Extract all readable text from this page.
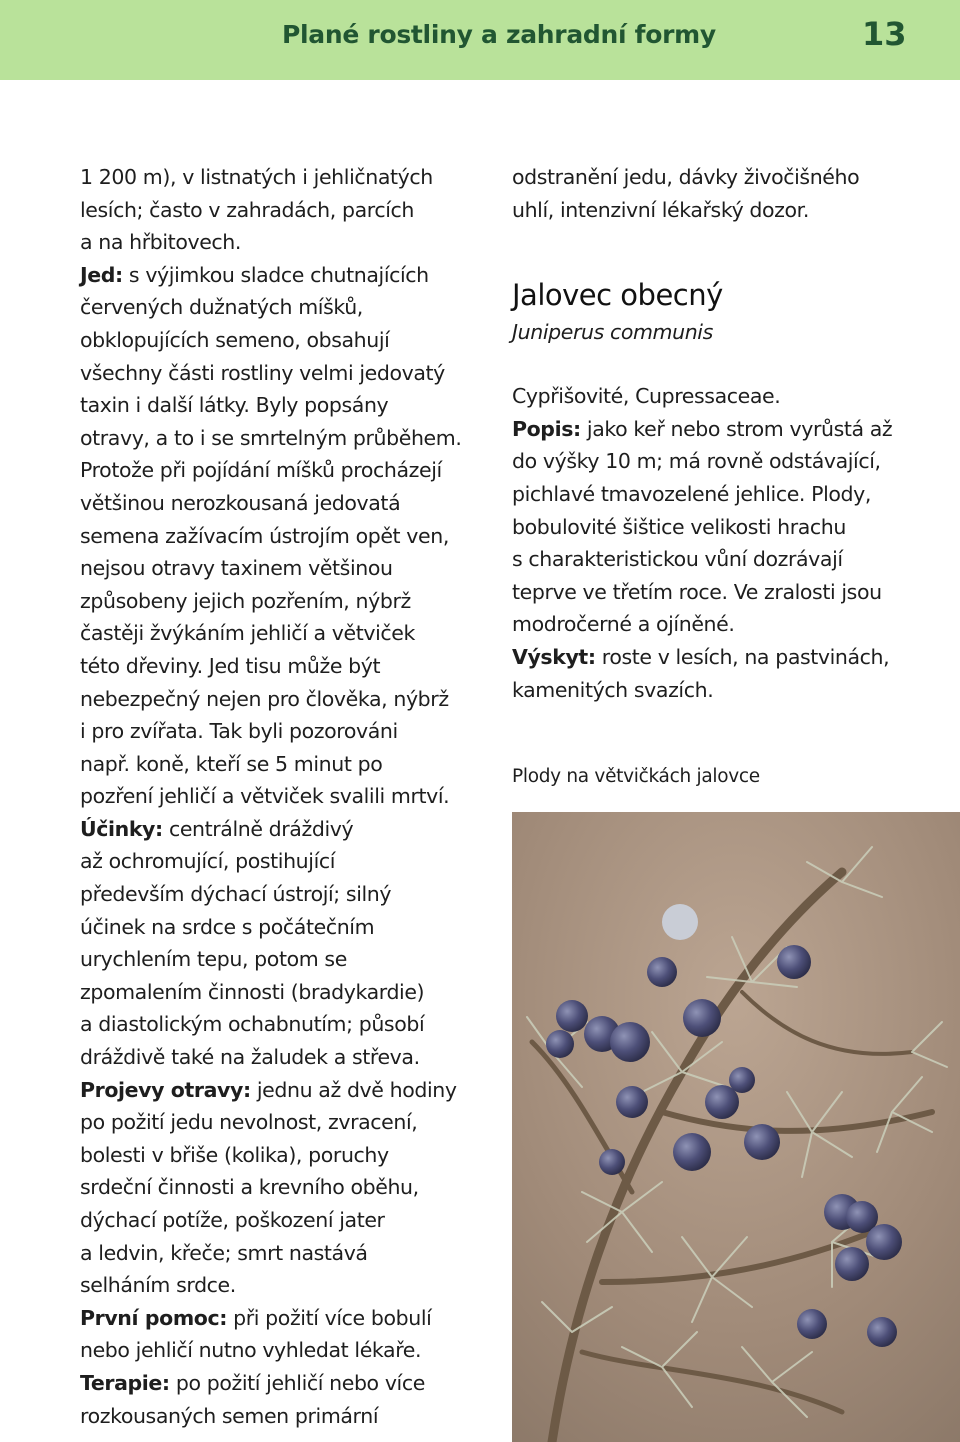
Plané rostliny a zahradní formy	13
1 200 m), v listnatých i jehličnatých
lesích; často v zahradách, parcích
a na hřbitovech.
Jed: s výjimkou sladce chutnajících
červených dužnatých míšků,
obklopujících semeno, obsahují
všechny části rostliny velmi jedovatý
taxin i další látky. Byly popsány
otravy, a to i se smrtelným průběhem.
Protože při pojídání míšků procházejí
většinou nerozkousaná jedovatá
semena zažívacím ústrojím opět ven,
nejsou otravy taxinem většinou
způsobeny jejich pozřením, nýbrž
častěji žvýkáním jehličí a větviček
této dřeviny. Jed tisu může být
nebezpečný nejen pro člověka, nýbrž
i pro zvířata. Tak byli pozorováni
např. koně, kteří se 5 minut po
pozření jehličí a větviček svalili mrtví.
Účinky: centrálně dráždivý
až ochromující, postihující
především dýchací ústrojí; silný
účinek na srdce s počátečním
urychlením tepu, potom se
zpomalením činnosti (bradykardie)
a diastolickým ochabnutím; působí
dráždivě také na žaludek a střeva.
Projevy otravy: jednu až dvě hodiny
po požití jedu nevolnost, zvracení,
bolesti v břiše (kolika), poruchy
srdeční činnosti a krevního oběhu,
dýchací potíže, poškození jater
a ledvin, křeče; smrt nastává
selháním srdce.
První pomoc: při požití více bobulí
nebo jehličí nutno vyhledat lékaře.
Terapie: po požití jehličí nebo více
rozkousaných semen primární
odstranění jedu, dávky živočišného
uhlí, intenzivní lékařský dozor.
Jalovec obecný
Juniperus communis
Cypřišovité, Cupressaceae.
Popis: jako keř nebo strom vyrůstá až
do výšky 10 m; má rovně odstávající,
pichlavé tmavozelené jehlice. Plody,
bobulovité šištice velikosti hrachu
s charakteristickou vůní dozrávají
teprve ve třetím roce. Ve zralosti jsou
modročerné a ojíněné.
Výskyt: roste v lesích, na pastvinách,
kamenitých svazích.
Plody na větvičkách jalovce
